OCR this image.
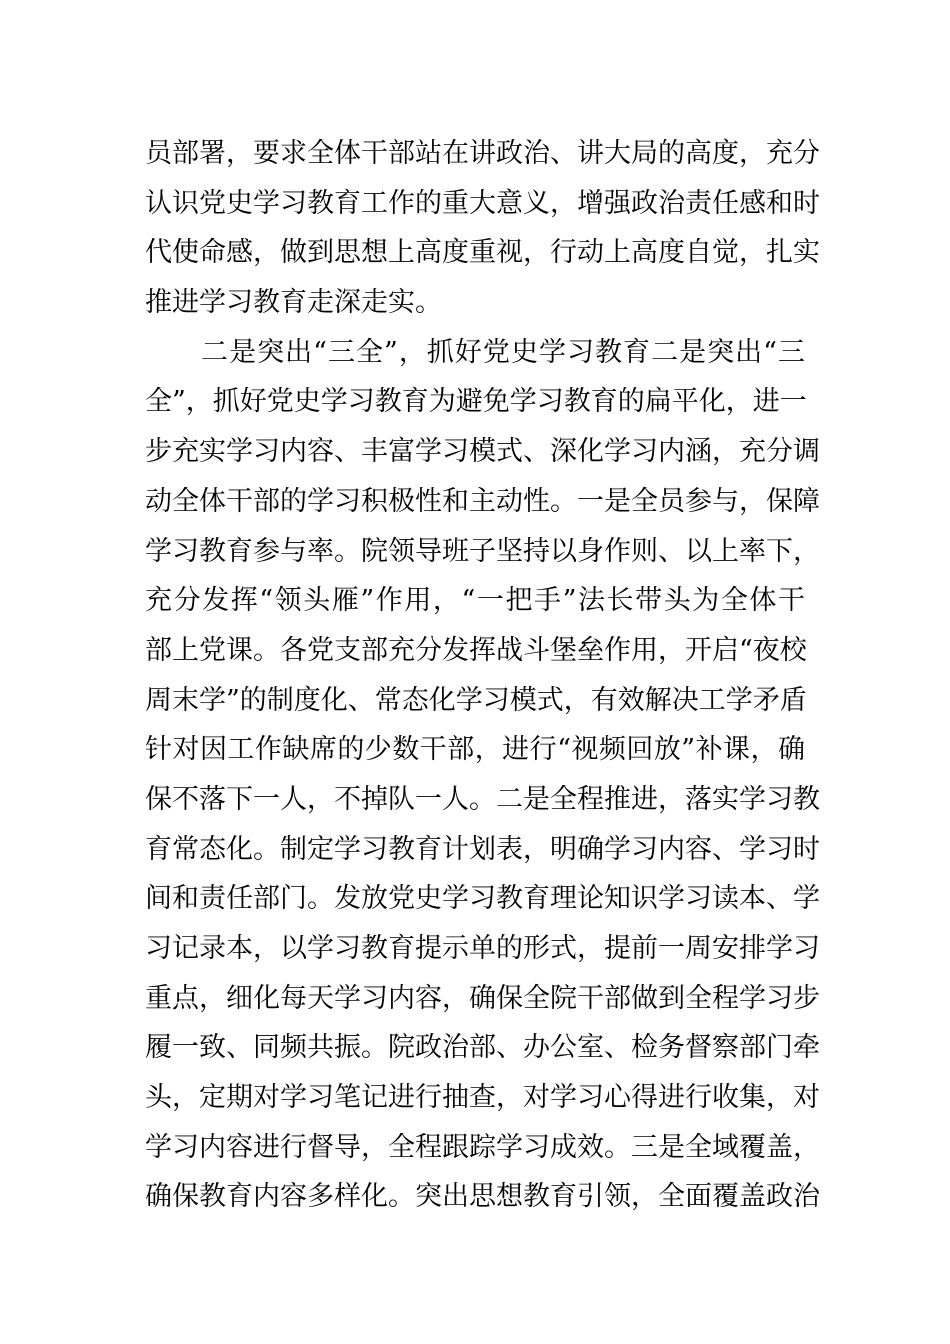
员部署，要求全体干部站在讲政治、讲大局的高度，充分
认识党史学习教育工作的重大意义，增强政治责任感和时
代使命感，做到思想上高度重视，行动上高度自觉，扎实
推进学习教育走深走实。
　　二是突出“三全”，抓好党史学习教育二是突出“三
全”，抓好党史学习教育为避免学习教育的扁平化，进一
步充实学习内容、丰富学习模式、深化学习内涵，充分调
动全体干部的学习积极性和主动性。一是全员参与，保障
学习教育参与率。院领导班子坚持以身作则、以上率下，
充分发挥“领头雁”作用，“一把手”法长带头为全体干
部上党课。各党支部充分发挥战斗堡垒作用，开启“夜校
周末学”的制度化、常态化学习模式，有效解决工学矛盾
针对因工作缺席的少数干部，进行“视频回放”补课，确
保不落下一人，不掉队一人。二是全程推进，落实学习教
育常态化。制定学习教育计划表，明确学习内容、学习时
间和责任部门。发放党史学习教育理论知识学习读本、学
习记录本，以学习教育提示单的形式，提前一周安排学习
重点，细化每天学习内容，确保全院干部做到全程学习步
履一致、同频共振。院政治部、办公室、检务督察部门牵
头，定期对学习笔记进行抽查，对学习心得进行收集，对
学习内容进行督导，全程跟踪学习成效。三是全域覆盖，
确保教育内容多样化。突出思想教育引领，全面覆盖政治
